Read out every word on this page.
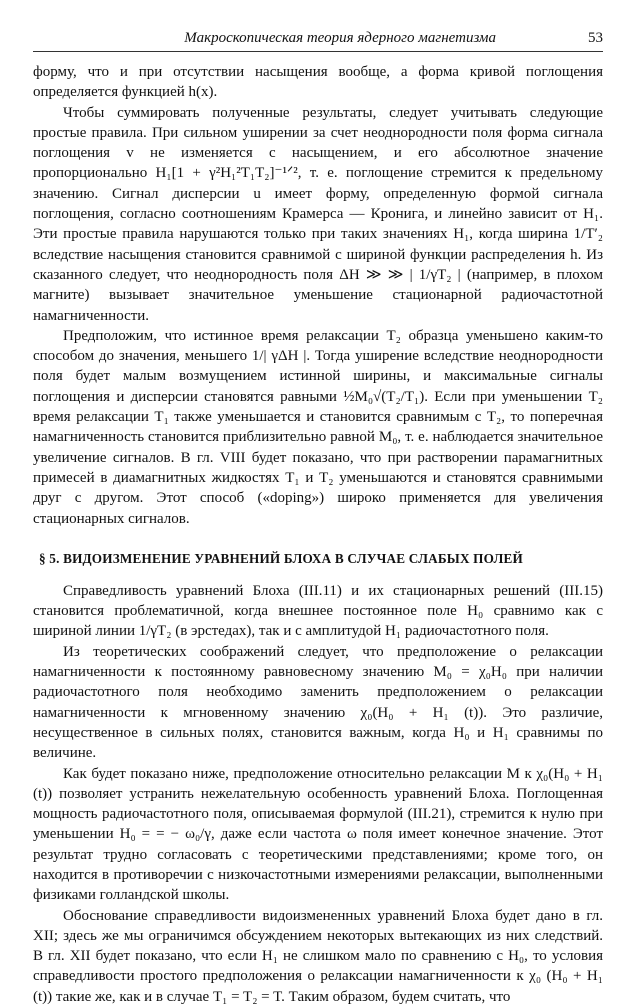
Макроскопическая теория ядерного магнетизма	53

форму, что и при отсутствии насыщения вообще, а форма кривой поглощения определяется функцией h(x).

Чтобы суммировать полученные результаты, следует учитывать следующие простые правила. При сильном уширении за счет неоднородности поля форма сигнала поглощения v не изменяется с насыщением, и его абсолютное значение пропорционально H₁[1 + γ²H₁²T₁T₂]⁻¹ᐟ², т. е. поглощение стремится к предельному значению. Сигнал дисперсии u имеет форму, определенную формой сигнала поглощения, согласно соотношениям Крамерса — Кронига, и линейно зависит от H₁. Эти простые правила нарушаются только при таких значениях H₁, когда ширина 1/T′₂ вследствие насыщения становится сравнимой с шириной функции распределения h. Из сказанного следует, что неоднородность поля ΔH ≫ ≫ | 1/γT₂ | (например, в плохом магните) вызывает значительное уменьшение стационарной радиочастотной намагниченности.

Предположим, что истинное время релаксации T₂ образца уменьшено каким-то способом до значения, меньшего 1/| γΔH |. Тогда уширение вследствие неоднородности поля будет малым возмущением истинной ширины, и максимальные сигналы поглощения и дисперсии становятся равными ½M₀√(T₂/T₁). Если при уменьшении T₂ время релаксации T₁ также уменьшается и становится сравнимым с T₂, то поперечная намагниченность становится приблизительно равной M₀, т. е. наблюдается значительное увеличение сигналов. В гл. VIII будет показано, что при растворении парамагнитных примесей в диамагнитных жидкостях T₁ и T₂ уменьшаются и становятся сравнимыми друг с другом. Этот способ («doping») широко применяется для увеличения стационарных сигналов.

§ 5. ВИДОИЗМЕНЕНИЕ УРАВНЕНИЙ БЛОХА В СЛУЧАЕ СЛАБЫХ ПОЛЕЙ

Справедливость уравнений Блоха (III.11) и их стационарных решений (III.15) становится проблематичной, когда внешнее постоянное поле H₀ сравнимо как с шириной линии 1/γT₂ (в эрстедах), так и с амплитудой H₁ радиочастотного поля.

Из теоретических соображений следует, что предположение о релаксации намагниченности к постоянному равновесному значению M₀ = χ₀H₀ при наличии радиочастотного поля необходимо заменить предположением о релаксации намагниченности к мгновенному значению χ₀(H₀ + H₁ (t)). Это различие, несущественное в сильных полях, становится важным, когда H₀ и H₁ сравнимы по величине.

Как будет показано ниже, предположение относительно релаксации M к χ₀(H₀ + H₁ (t)) позволяет устранить нежелательную особенность уравнений Блоха. Поглощенная мощность радиочастотного поля, описываемая формулой (III.21), стремится к нулю при уменьшении H₀ = = − ω₀/γ, даже если частота ω поля имеет конечное значение. Этот результат трудно согласовать с теоретическими представлениями; кроме того, он находится в противоречии с низкочастотными измерениями релаксации, выполненными физиками голландской школы.

Обоснование справедливости видоизмененных уравнений Блоха будет дано в гл. XII; здесь же мы ограничимся обсуждением некоторых вытекающих из них следствий. В гл. XII будет показано, что если H₁ не слишком мало по сравнению с H₀, то условия справедливости простого предположения о релаксации намагниченности к χ₀ (H₀ + H₁ (t)) такие же, как и в случае T₁ = T₂ = T. Таким образом, будем считать, что
